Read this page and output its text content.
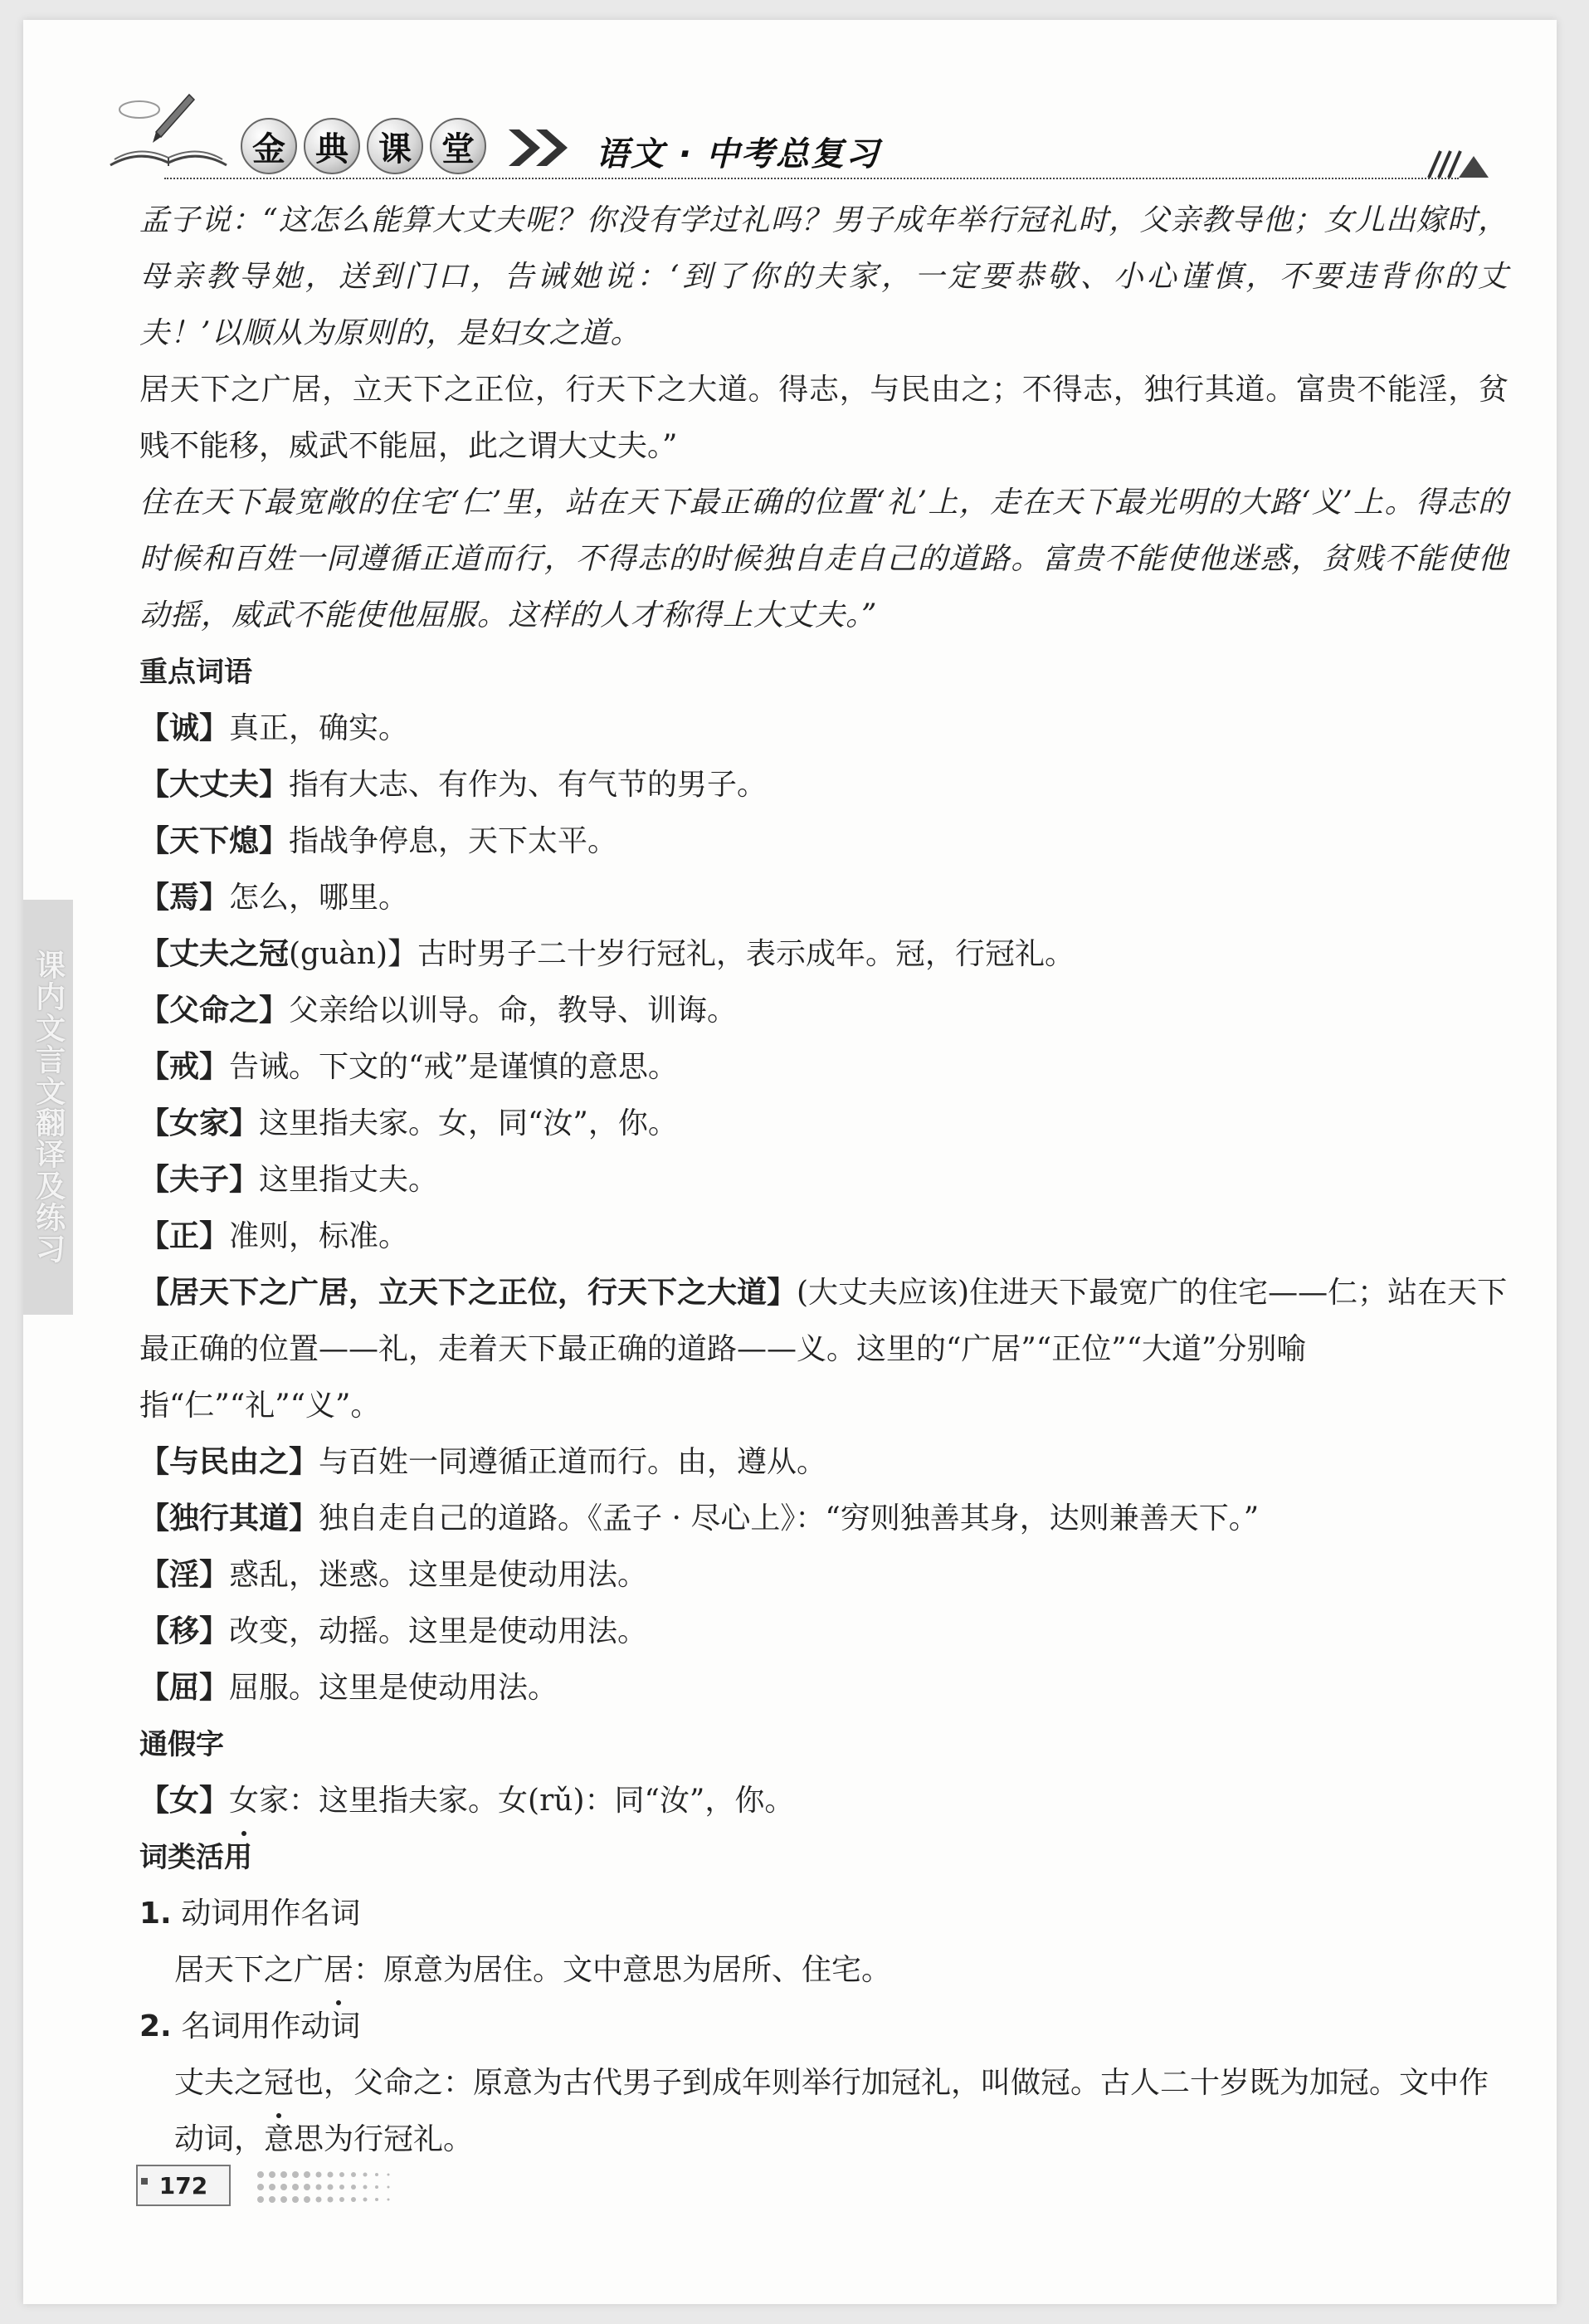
金 典 课 堂	语文 · 中考总复习
课内文言文翻译及练习

孟子说：“这怎么能算大丈夫呢？你没有学过礼吗？男子成年举行冠礼时，父亲教导他；女儿出嫁时，母亲教导她，送到门口，告诫她说：‘到了你的夫家，一定要恭敬、小心谨慎，不要违背你的丈夫！’以顺从为原则的，是妇女之道。

居天下之广居，立天下之正位，行天下之大道。得志，与民由之；不得志，独行其道。富贵不能淫，贫贱不能移，威武不能屈，此之谓大丈夫。”

住在天下最宽敞的住宅‘仁’里，站在天下最正确的位置‘礼’上，走在天下最光明的大路‘义’上。得志的时候和百姓一同遵循正道而行，不得志的时候独自走自己的道路。富贵不能使他迷惑，贫贱不能使他动摇，威武不能使他屈服。这样的人才称得上大丈夫。”

重点词语

【诚】真正，确实。

【大丈夫】指有大志、有作为、有气节的男子。

【天下熄】指战争停息，天下太平。

【焉】怎么，哪里。

【丈夫之冠(guàn)】古时男子二十岁行冠礼，表示成年。冠，行冠礼。

【父命之】父亲给以训导。命，教导、训诲。

【戒】告诫。下文的“戒”是谨慎的意思。

【女家】这里指夫家。女，同“汝”，你。

【夫子】这里指丈夫。

【正】准则，标准。

【居天下之广居，立天下之正位，行天下之大道】(大丈夫应该)住进天下最宽广的住宅——仁；站在天下最正确的位置——礼，走着天下最正确的道路——义。这里的“广居”“正位”“大道”分别喻指“仁”“礼”“义”。

【与民由之】与百姓一同遵循正道而行。由，遵从。

【独行其道】独自走自己的道路。《孟子 · 尽心上》：“穷则独善其身，达则兼善天下。”

【淫】惑乱，迷惑。这里是使动用法。

【移】改变，动摇。这里是使动用法。

【屈】屈服。这里是使动用法。

通假字

【女】女家：这里指夫家。女(rǔ)：同“汝”，你。

词类活用

1. 动词用作名词

居天下之广居：原意为居住。文中意思为居所、住宅。

2. 名词用作动词

丈夫之冠也，父命之：原意为古代男子到成年则举行加冠礼，叫做冠。古人二十岁既为加冠。文中作动词，意思为行冠礼。

172
